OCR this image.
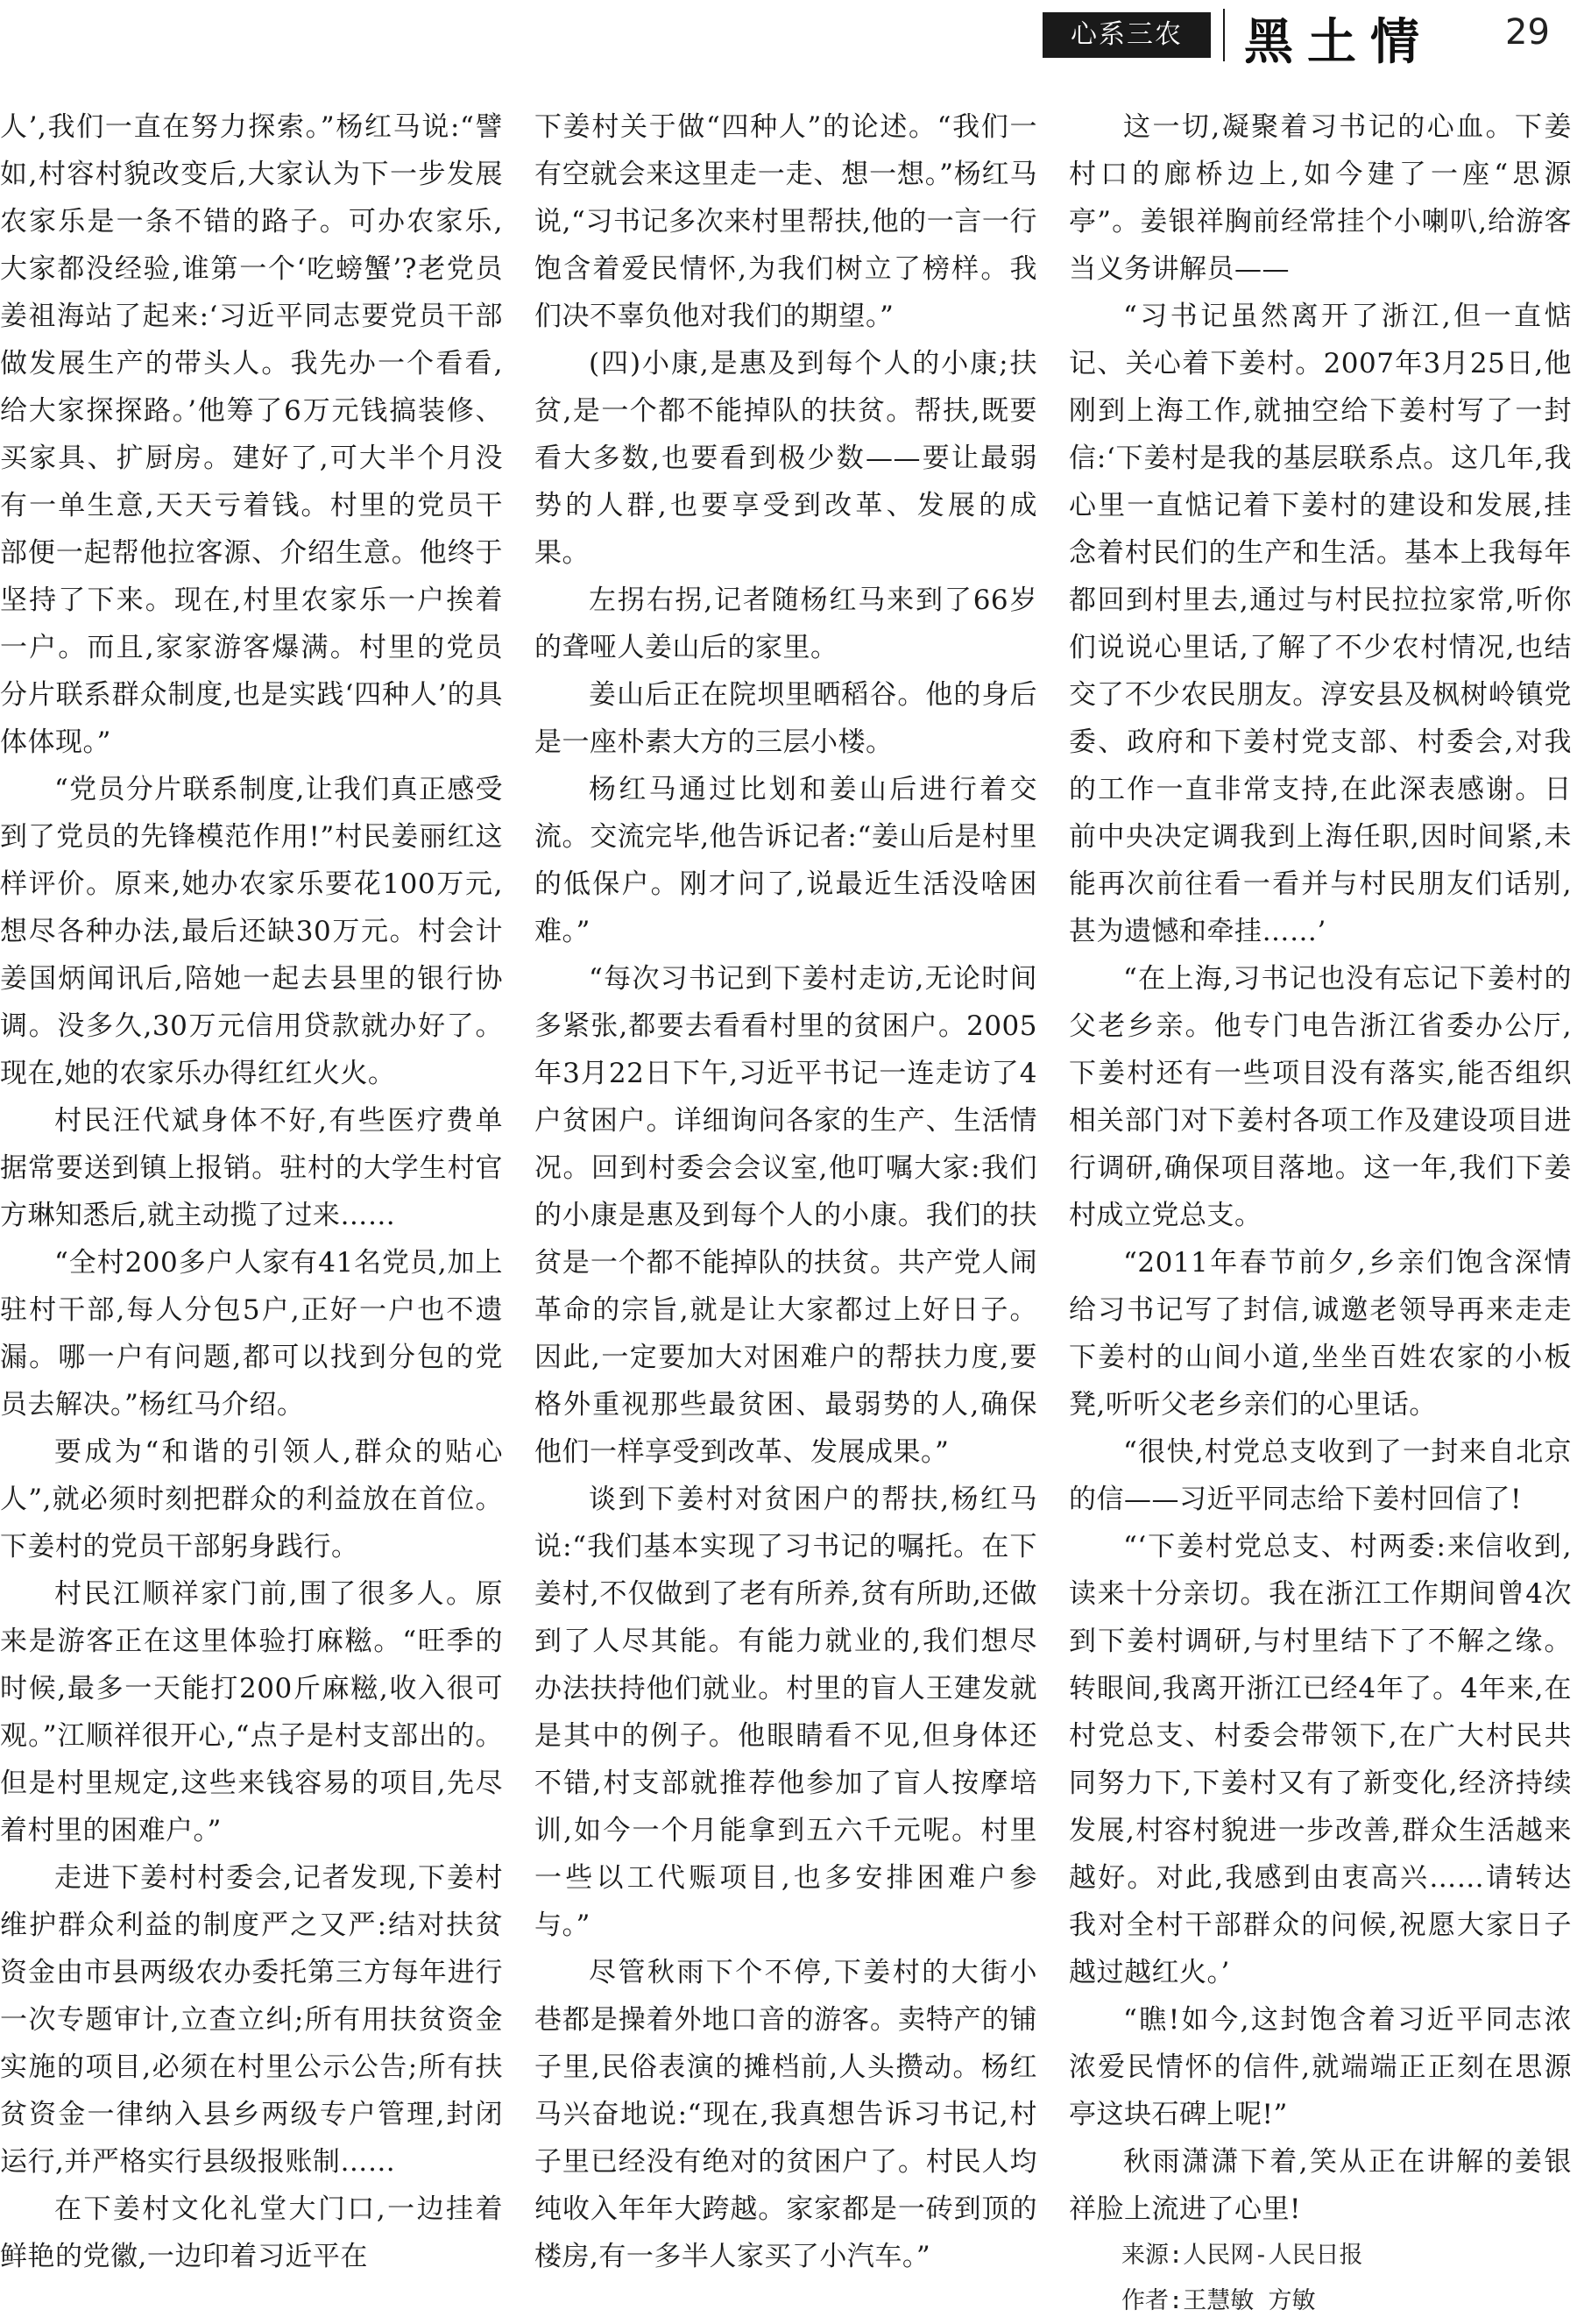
心系三农	黑土情 29

人’,我们一直在努力探索。”杨红马说:“譬如,村容村貌改变后,大家认为下一步发展农家乐是一条不错的路子。可办农家乐,大家都没经验,谁第一个‘吃螃蟹’?老党员姜祖海站了起来:‘习近平同志要党员干部做发展生产的带头人。我先办一个看看,给大家探探路。’他筹了6万元钱搞装修、买家具、扩厨房。建好了,可大半个月没有一单生意,天天亏着钱。村里的党员干部便一起帮他拉客源、介绍生意。他终于坚持了下来。现在,村里农家乐一户挨着一户。而且,家家游客爆满。村里的党员分片联系群众制度,也是实践‘四种人’的具体体现。”

“党员分片联系制度,让我们真正感受到了党员的先锋模范作用!”村民姜丽红这样评价。原来,她办农家乐要花100万元,想尽各种办法,最后还缺30万元。村会计姜国炳闻讯后,陪她一起去县里的银行协调。没多久,30万元信用贷款就办好了。现在,她的农家乐办得红红火火。

村民汪代斌身体不好,有些医疗费单据常要送到镇上报销。驻村的大学生村官方琳知悉后,就主动揽了过来……

“全村200多户人家有41名党员,加上驻村干部,每人分包5户,正好一户也不遗漏。哪一户有问题,都可以找到分包的党员去解决。”杨红马介绍。

要成为“和谐的引领人,群众的贴心人”,就必须时刻把群众的利益放在首位。下姜村的党员干部躬身践行。

村民江顺祥家门前,围了很多人。原来是游客正在这里体验打麻糍。“旺季的时候,最多一天能打200斤麻糍,收入很可观。”江顺祥很开心,“点子是村支部出的。但是村里规定,这些来钱容易的项目,先尽着村里的困难户。”

走进下姜村村委会,记者发现,下姜村维护群众利益的制度严之又严:结对扶贫资金由市县两级农办委托第三方每年进行一次专题审计,立查立纠;所有用扶贫资金实施的项目,必须在村里公示公告;所有扶贫资金一律纳入县乡两级专户管理,封闭运行,并严格实行县级报账制……

在下姜村文化礼堂大门口,一边挂着鲜艳的党徽,一边印着习近平在

下姜村关于做“四种人”的论述。“我们一有空就会来这里走一走、想一想。”杨红马说,“习书记多次来村里帮扶,他的一言一行饱含着爱民情怀,为我们树立了榜样。我们决不辜负他对我们的期望。”

(四)小康,是惠及到每个人的小康;扶贫,是一个都不能掉队的扶贫。帮扶,既要看大多数,也要看到极少数——要让最弱势的人群,也要享受到改革、发展的成果。

左拐右拐,记者随杨红马来到了66岁的聋哑人姜山后的家里。

姜山后正在院坝里晒稻谷。他的身后是一座朴素大方的三层小楼。

杨红马通过比划和姜山后进行着交流。交流完毕,他告诉记者:“姜山后是村里的低保户。刚才问了,说最近生活没啥困难。”

“每次习书记到下姜村走访,无论时间多紧张,都要去看看村里的贫困户。2005年3月22日下午,习近平书记一连走访了4户贫困户。详细询问各家的生产、生活情况。回到村委会会议室,他叮嘱大家:我们的小康是惠及到每个人的小康。我们的扶贫是一个都不能掉队的扶贫。共产党人闹革命的宗旨,就是让大家都过上好日子。因此,一定要加大对困难户的帮扶力度,要格外重视那些最贫困、最弱势的人,确保他们一样享受到改革、发展成果。”

谈到下姜村对贫困户的帮扶,杨红马说:“我们基本实现了习书记的嘱托。在下姜村,不仅做到了老有所养,贫有所助,还做到了人尽其能。有能力就业的,我们想尽办法扶持他们就业。村里的盲人王建发就是其中的例子。他眼睛看不见,但身体还不错,村支部就推荐他参加了盲人按摩培训,如今一个月能拿到五六千元呢。村里一些以工代赈项目,也多安排困难户参与。”

尽管秋雨下个不停,下姜村的大街小巷都是操着外地口音的游客。卖特产的铺子里,民俗表演的摊档前,人头攒动。杨红马兴奋地说:“现在,我真想告诉习书记,村子里已经没有绝对的贫困户了。村民人均纯收入年年大跨越。家家都是一砖到顶的楼房,有一多半人家买了小汽车。”

这一切,凝聚着习书记的心血。下姜村口的廊桥边上,如今建了一座“思源亭”。姜银祥胸前经常挂个小喇叭,给游客当义务讲解员——

“习书记虽然离开了浙江,但一直惦记、关心着下姜村。2007年3月25日,他刚到上海工作,就抽空给下姜村写了一封信:‘下姜村是我的基层联系点。这几年,我心里一直惦记着下姜村的建设和发展,挂念着村民们的生产和生活。基本上我每年都回到村里去,通过与村民拉拉家常,听你们说说心里话,了解了不少农村情况,也结交了不少农民朋友。淳安县及枫树岭镇党委、政府和下姜村党支部、村委会,对我的工作一直非常支持,在此深表感谢。日前中央决定调我到上海任职,因时间紧,未能再次前往看一看并与村民朋友们话别,甚为遗憾和牵挂……’

“在上海,习书记也没有忘记下姜村的父老乡亲。他专门电告浙江省委办公厅,下姜村还有一些项目没有落实,能否组织相关部门对下姜村各项工作及建设项目进行调研,确保项目落地。这一年,我们下姜村成立党总支。

“2011年春节前夕,乡亲们饱含深情给习书记写了封信,诚邀老领导再来走走下姜村的山间小道,坐坐百姓农家的小板凳,听听父老乡亲们的心里话。

“很快,村党总支收到了一封来自北京的信——习近平同志给下姜村回信了!

“‘下姜村党总支、村两委:来信收到,读来十分亲切。我在浙江工作期间曾4次到下姜村调研,与村里结下了不解之缘。转眼间,我离开浙江已经4年了。4年来,在村党总支、村委会带领下,在广大村民共同努力下,下姜村又有了新变化,经济持续发展,村容村貌进一步改善,群众生活越来越好。对此,我感到由衷高兴……请转达我对全村干部群众的问候,祝愿大家日子越过越红火。’

“瞧!如今,这封饱含着习近平同志浓浓爱民情怀的信件,就端端正正刻在思源亭这块石碑上呢!”

秋雨潇潇下着,笑从正在讲解的姜银祥脸上流进了心里!

来源:人民网-人民日报
作者:王慧敏 方敏
